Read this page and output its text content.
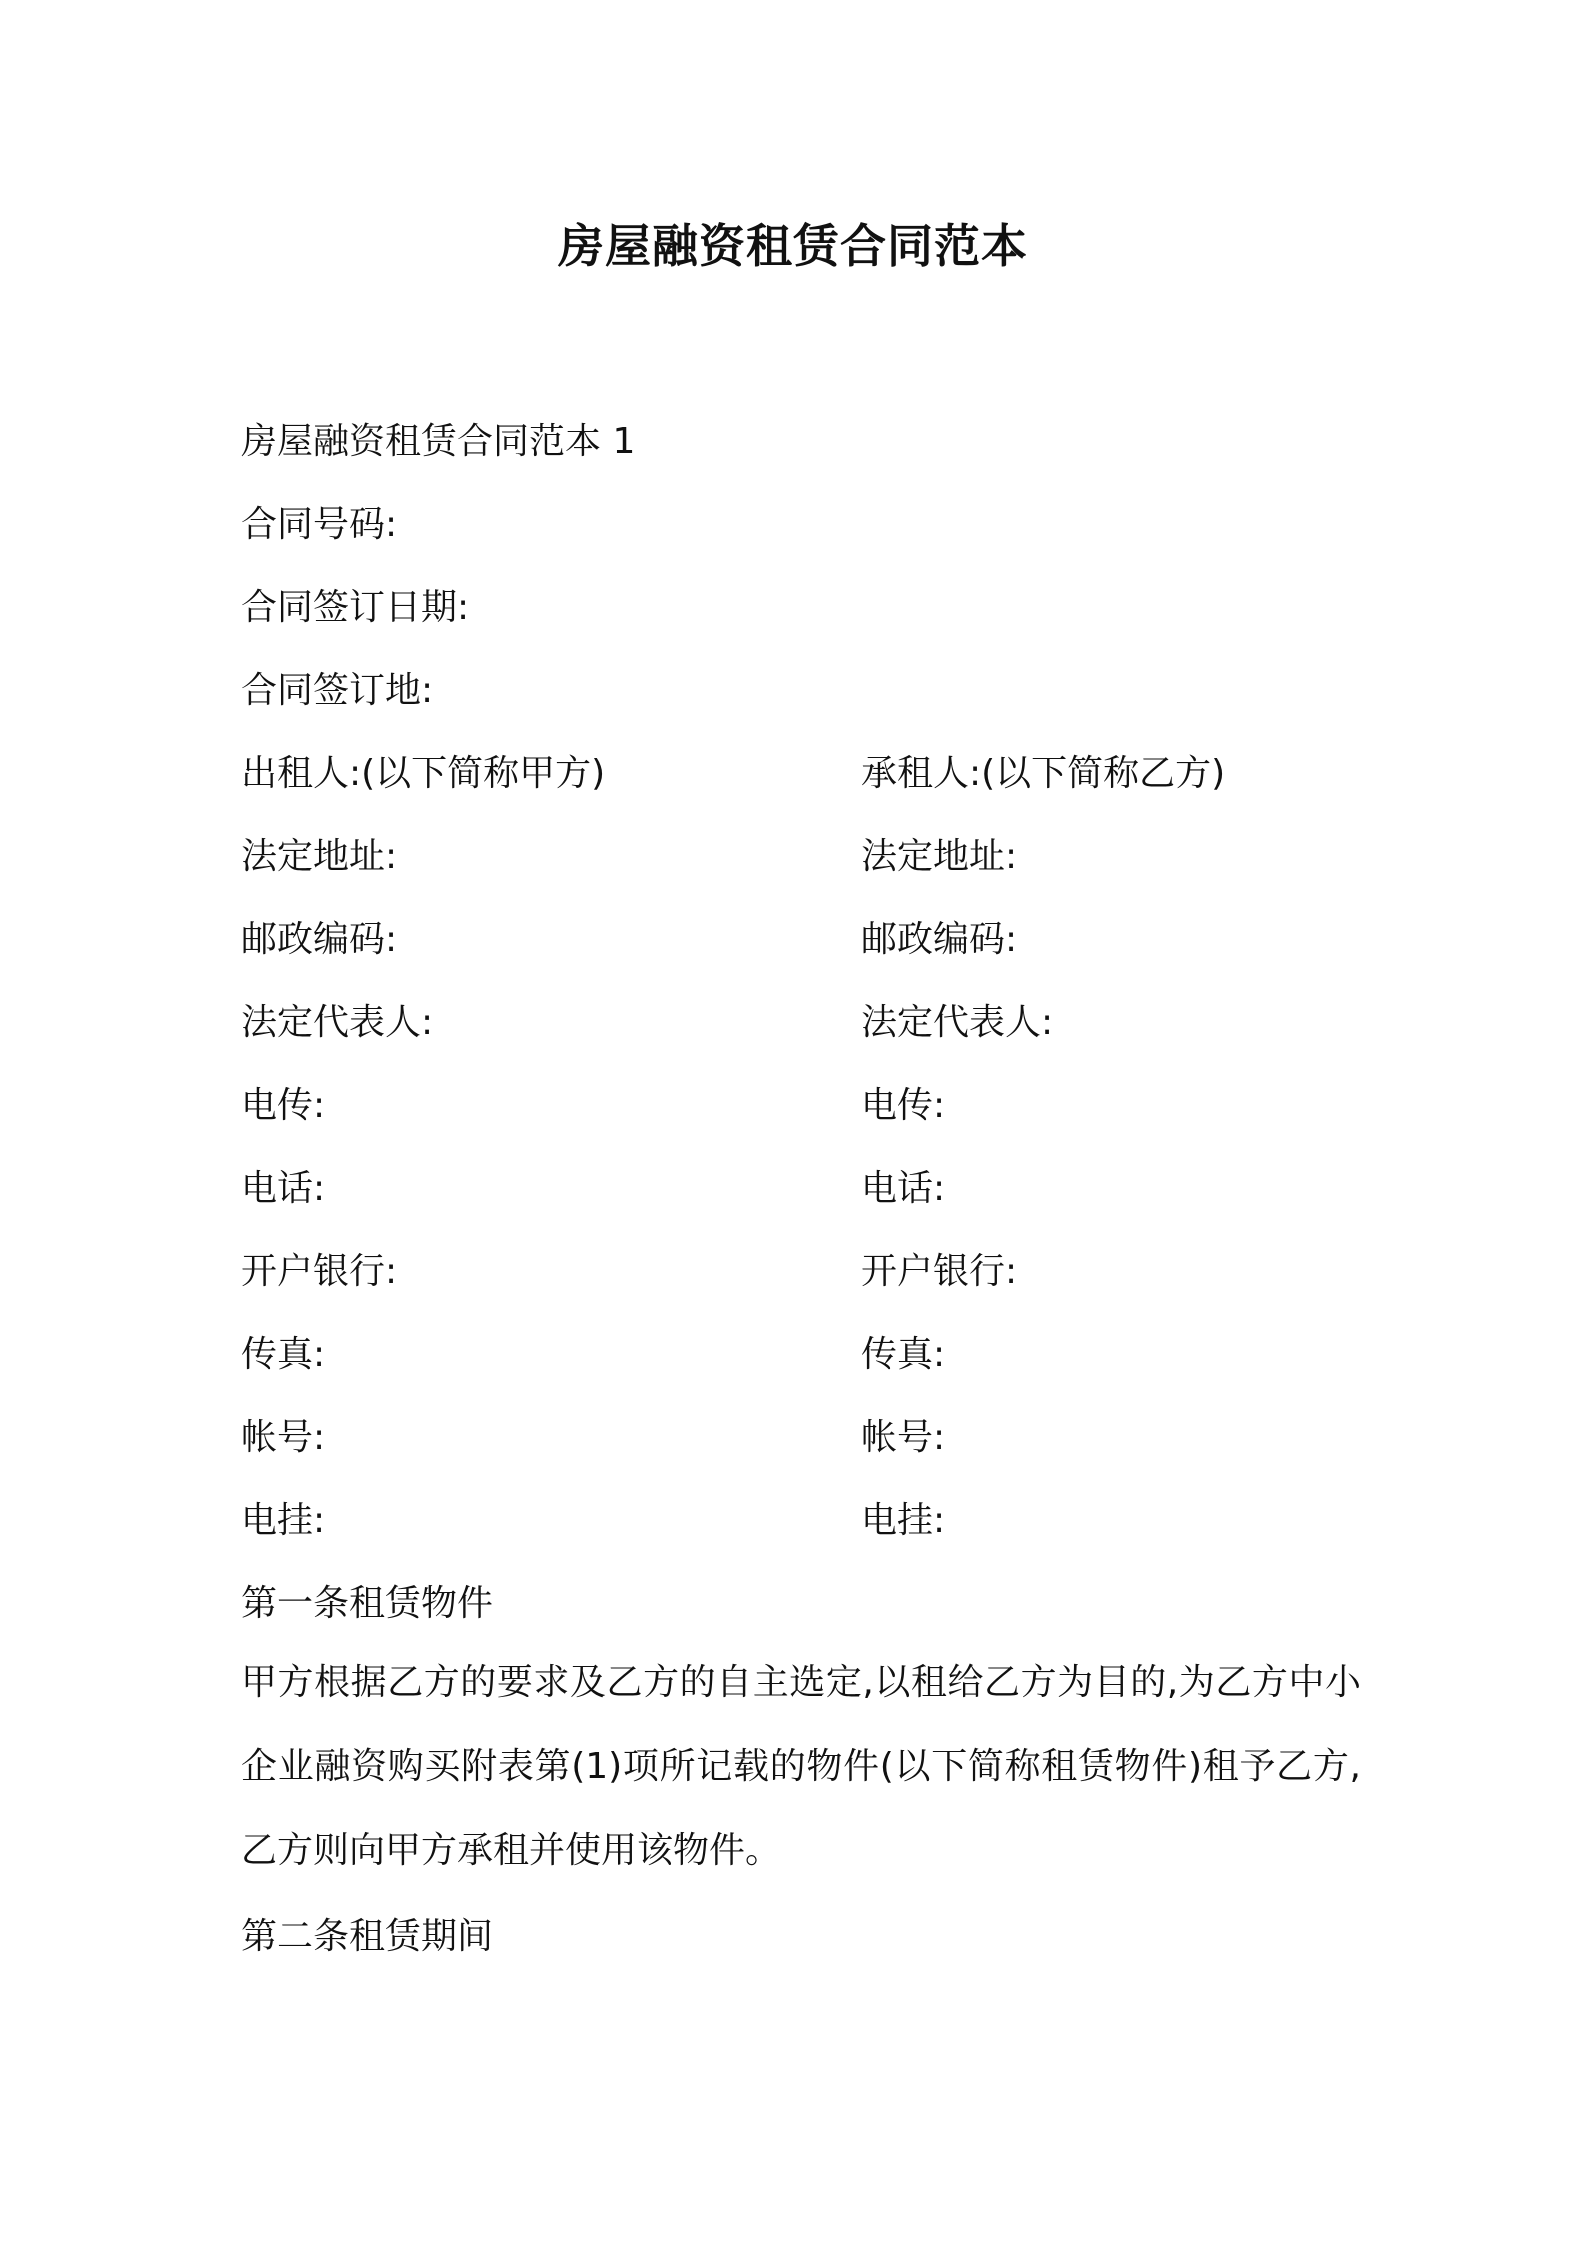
房屋融资租赁合同范本
房屋融资租赁合同范本 1
合同号码:
合同签订日期:
合同签订地:
出租人:(以下简称甲方)	承租人:(以下简称乙方)
法定地址:
邮政编码:
法定代表人:
电传:
电话:
开户银行:
传真:
帐号:
电挂:
法定地址:
邮政编码:
法定代表人:
电传:
电话:
开户银行:
传真:
帐号:
电挂:
第一条租赁物件
甲方根据乙方的要求及乙方的自主选定,以租给乙方为目的,为乙方中小企业融资购买附表第(1)项所记载的物件(以下简称租赁物件)租予乙方,乙方则向甲方承租并使用该物件。
第二条租赁期间
